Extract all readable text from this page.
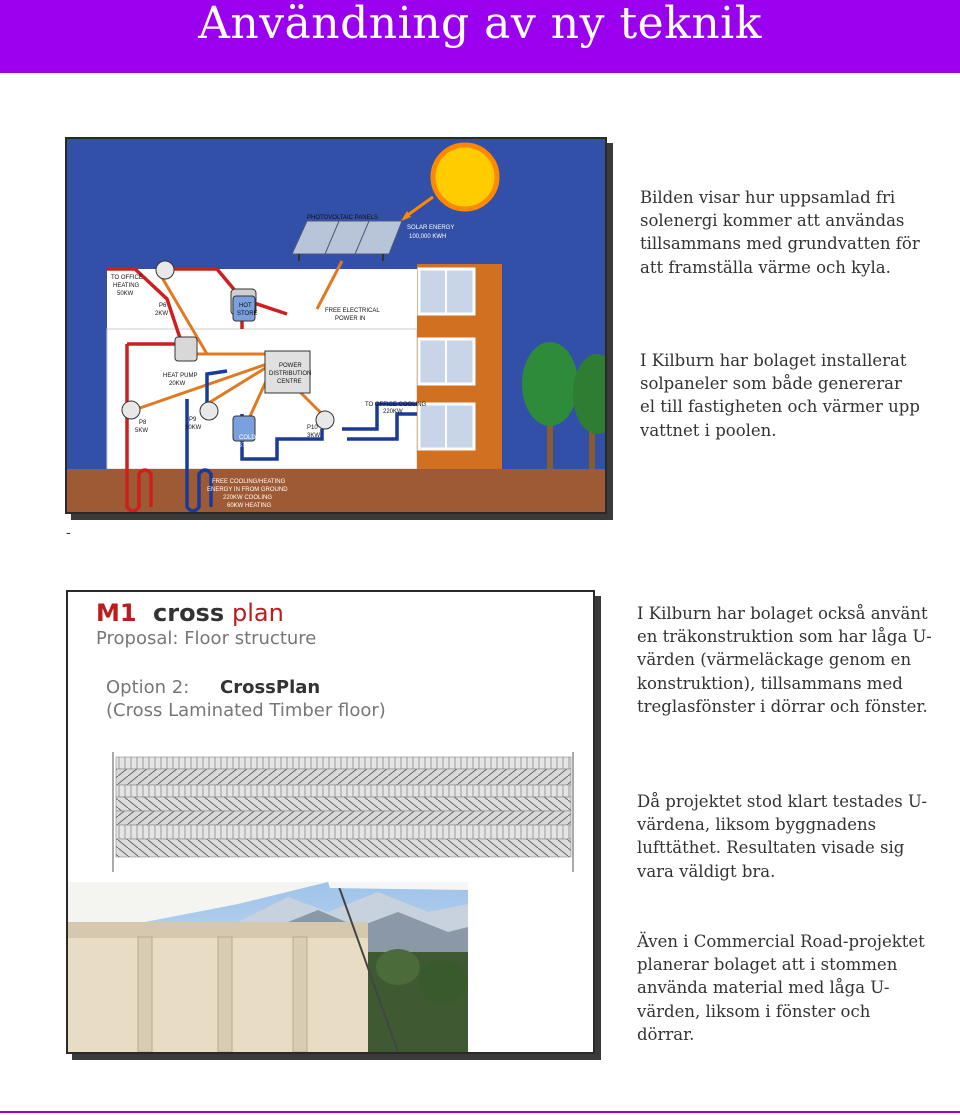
Användning av ny teknik
PHOTOVOLTAIC PANELS
SOLAR ENERGY
100,000 KWH
TO OFFICE
HEATING
50KW
P6
2KW
HOT
STORE	FREE ELECTRICAL
POWER IN
HEAT PUMP
20KW
POWER
DISTRIBUTION
CENTRE
P8
5KW
P9
10KW
COLD
STORE
P10
3KW
TO OFFICE COOLING
220KW
FREE COOLING/HEATING
ENERGY IN FROM GROUND
220KW COOLING
60KW HEATING

Bilden visar hur uppsamlad fri solenergi kommer att användas tillsammans med grundvatten för att framställa värme och kyla.

I Kilburn har bolaget installerat solpaneler som både genererar el till fastigheten och värmer upp vattnet i poolen.

-
M1 cross plan
Proposal: Floor structure
Option 2: CrossPlan
(Cross Laminated Timber floor)

I Kilburn har bolaget också använt en träkonstruktion som har låga U-värden (värmeläckage genom en konstruktion), tillsammans med treglasfönster i dörrar och fönster.

Då projektet stod klart testades U-värdena, liksom byggnadens lufttäthet. Resultaten visade sig vara väldigt bra.

Även i Commercial Road-projektet planerar bolaget att i stommen använda material med låga U-värden, liksom i fönster och dörrar.
